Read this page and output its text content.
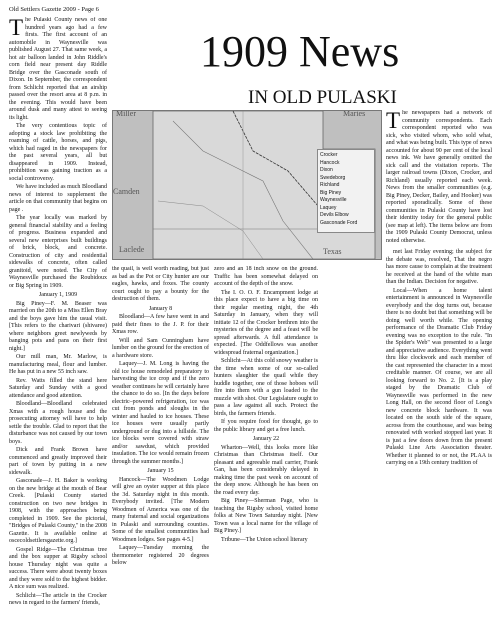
Old Settlers Gazette 2009 - Page 6
1909 News
IN OLD PULASKI

The Pulaski County news of one hundred years ago had a few firsts. The first account of an automobile in Waynesville was published August 27. That same week, a hot air balloon landed in John Riddle's corn field near present day Riddle Bridge over the Gasconade south of Dixon. In September, the correspondent from Schlicht reported that an airship passed over the resort area at 8 p.m. in the evening. This would have been around dusk and many attest to seeing its light.

The very contentious topic of adopting a stock law prohibiting the roaming of cattle, horses, and pigs, which had raged in the newspapers for the past several years, all but disappeared in 1909. Instead, prohibition was gaining traction as a social controversy.

We have included as much Bloodland news of interest to supplement the article on that community that begins on page .

The year locally was marked by general financial stability and a feeling of progress. Business expanded and several new enterprises built buildings of brick, block, and concrete. Construction of city and residential sidewalks of concrete, often called granitoid, were noted. The City of Waynesville purchased the Roubidoux or Big Spring in 1909.

January 1, 1909

Big Piney—F. M. Beaser was married on the 20th to a Miss Ellen Bray and the boys gave him the usual visit. [This refers to the charivari (shivaree) where neighbors greet newlyweds by banging pots and pans on their first night.]

Our mill man, Mr. Marlow, is manufacturing meal, flour and lumber. He has put in a new 55 inch saw.

Rev. Watts filled the stand here Saturday and Sunday with a good attendance and good attention.

Bloodland—Bloodland celebrated Xmas with a rough house and the prosecuting attorney will have to help settle the trouble. Glad to report that the disturbance was not caused by our town boys.

Dick and Frank Brown have commenced and greatly improved their part of town by putting in a new sidewalk.

Gasconade—J. H. Baker is working on the new bridge at the mouth of Bear Creek. [Pulaski County started construction on two new bridges in 1908, with the approaches being completed in 1909. See the pictorial, "Bridges of Pulaski County," in the 2008 Gazette. It is available online at oscecoldsettlersgazette.org.]

Gospel Ridge—The Christmas tree and the box supper at Rigsby school house Thursday night was quite a success. There were about twenty boxes and they were sold to the highest bidder. A nice sum was realized.

Schlicht—The article in the Crocker news in regard to the farmers' friends,

Miller	Maries
Camden
Laclede	Texas
Crocker
Hancock
Dixon
Swedeborg
Richland
Big Piney
Waynesville
Laquey
Devils Elbow
Gasconade Ford

the quail, is well worth reading, but just as bad as the Pot or City hunter are our eagles, hawks, and foxes. The county court ought to pay a bounty for the destruction of them.

January 8

Bloodland—A few have went in and paid their fines to the J. P. for their Xmas row.

Will and Sam Cunningham have lumber on the ground for the erection of a hardware store.

Laquey—J. M. Long is having the old ice house remodeled preparatory to harvesting the ice crop and if the zero weather continues he will certainly have the chance to do so. [In the days before electric–powered refrigeration, ice was cut from ponds and sloughs in the winter and hauled to ice houses. These ice houses were usually partly underground or dug into a hillside. The ice blocks were covered with straw and/or sawdust, which provided insulation. The ice would remain frozen through the summer months.]

January 15

Hancock—The Woodmen Lodge will give an oyster supper at this place the 3d. Saturday night in this month. Everybody invited. [The Modern Woodmen of America was one of the many fraternal and social organizations in Pulaski and surrounding counties. Some of the smallest communities had Woodmen lodges. See pages 4-5.]

Laquey—Tuesday morning the thermometer registered 20 degrees below

zero and an 18 inch snow on the ground. Traffic has been somewhat delayed on account of the depth of the snow.

The I. O. O. F. Encampment lodge at this place expect to have a big time on their regular meeting night, the 4th Saturday in January, when they will initiate 12 of the Crocker brethren into the mysteries of the degree and a feast will be spread afterwards. A full attendance is expected. [The Oddfellows was another widespread fraternal organization.]

Schlicht—At this cold snowy weather is the time when some of our so-called hunters slaughter the quail while they huddle together, one of those hoboes will fire into them with a gun loaded to the muzzle with shot. Our Legislature ought to pass a law against all such. Protect the birds, the farmers friends.

If you require food for thought, go to the public library and get a free lunch.

January 22

Wharton—Well, this looks more like Christmas than Christmas itself. Our pleasant and agreeable mail carrier, Frank Gan, has been considerably delayed in making time the past week on account of the deep snow. Although he has been on the road every day.

Big Piney—Sherman Page, who is teaching the Rigsby school, visited home folks at New Town Saturday night. [New Town was a local name for the village of Big Piney.]

Tribune—The Union school literary

The newspapers had a network of community correspondents. Each correspondent reported who was sick, who visited whom, who sold what, and what was being built. This type of news accounted for about 90 per cent of the local news ink. We have generally omitted the sick call and the visitation reports. The larger railroad towns (Dixon, Crocker, and Richland) usually reported each week. News from the smaller communities (e.g. Big Piney, Decker, Bailey, and Hooker) was reported sporadically. Some of these communities in Pulaski County have lost their identity today for the general public (see map at left). The items below are from the 1909 Pulaski County Democrat, unless noted otherwise.

met last Friday evening; the subject for the debate was, resolved, That the negro has more cause to complain at the treatment he received at the hand of the white man than the Indian. Decision for negative.

Local—When a home talent entertainment is announced in Waynesville everybody and the dog turns out, because there is no doubt but that something will be doing well worth while. The opening performance of the Dramatic Club Friday evening was no exception to the rule. "In the Spider's Web" was presented to a large and appreciative audience. Everything went thru like clockwork and each member of the cast represented the character in a most creditable manner. Of course, we are all looking forward to No. 2. [It is a play staged by the Dramatic Club of Waynesville was performed in the new Long Hall, on the second floor of Long's new concrete block hardware. It was located on the south side of the square, across from the courthouse, and was being renovated with worked stopped last year. It is just a few doors down from the present Pulaski Line Arts Association theater. Whether it planned to or not, the PLAA is carrying on a 19th century tradition of
